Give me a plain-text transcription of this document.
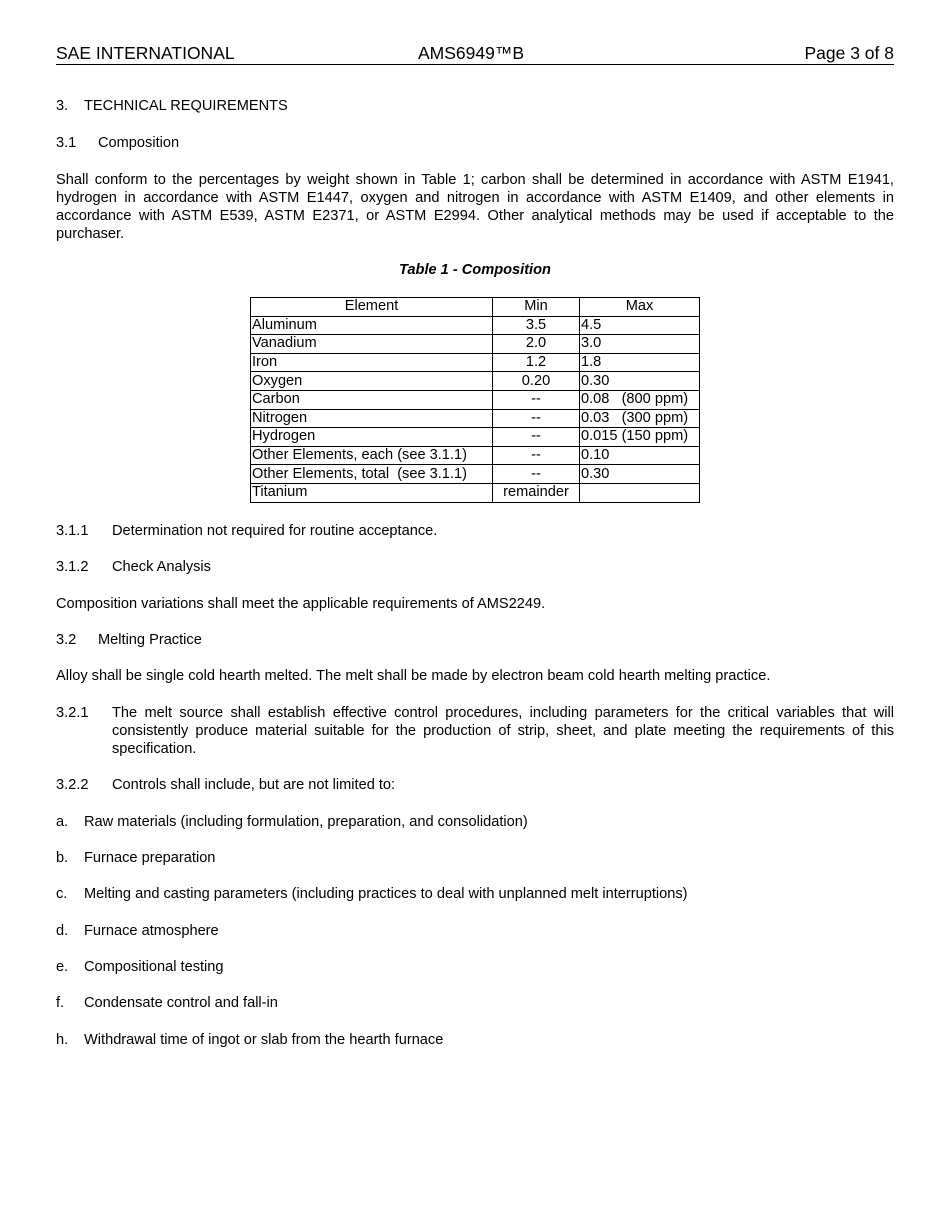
SAE INTERNATIONAL	AMS6949™B	Page 3 of 8
3. TECHNICAL REQUIREMENTS
3.1 Composition
Shall conform to the percentages by weight shown in Table 1; carbon shall be determined in accordance with ASTM E1941, hydrogen in accordance with ASTM E1447, oxygen and nitrogen in accordance with ASTM E1409, and other elements in accordance with ASTM E539, ASTM E2371, or ASTM E2994. Other analytical methods may be used if acceptable to the purchaser.
Table 1 - Composition
Element	Min	Max
Aluminum	3.5	4.5
Vanadium	2.0	3.0
Iron	1.2	1.8
Oxygen	0.20	0.30
Carbon	--	0.08   (800 ppm)
Nitrogen	--	0.03   (300 ppm)
Hydrogen	--	0.015 (150 ppm)
Other Elements, each (see 3.1.1)	--	0.10
Other Elements, total  (see 3.1.1)	--	0.30
Titanium	remainder	
3.1.1 Determination not required for routine acceptance.
3.1.2 Check Analysis
Composition variations shall meet the applicable requirements of AMS2249.
3.2 Melting Practice
Alloy shall be single cold hearth melted. The melt shall be made by electron beam cold hearth melting practice.
3.2.1 The melt source shall establish effective control procedures, including parameters for the critical variables that will consistently produce material suitable for the production of strip, sheet, and plate meeting the requirements of this specification.
3.2.2 Controls shall include, but are not limited to:
a. Raw materials (including formulation, preparation, and consolidation)
b. Furnace preparation
c. Melting and casting parameters (including practices to deal with unplanned melt interruptions)
d. Furnace atmosphere
e. Compositional testing
f. Condensate control and fall-in
h. Withdrawal time of ingot or slab from the hearth furnace
